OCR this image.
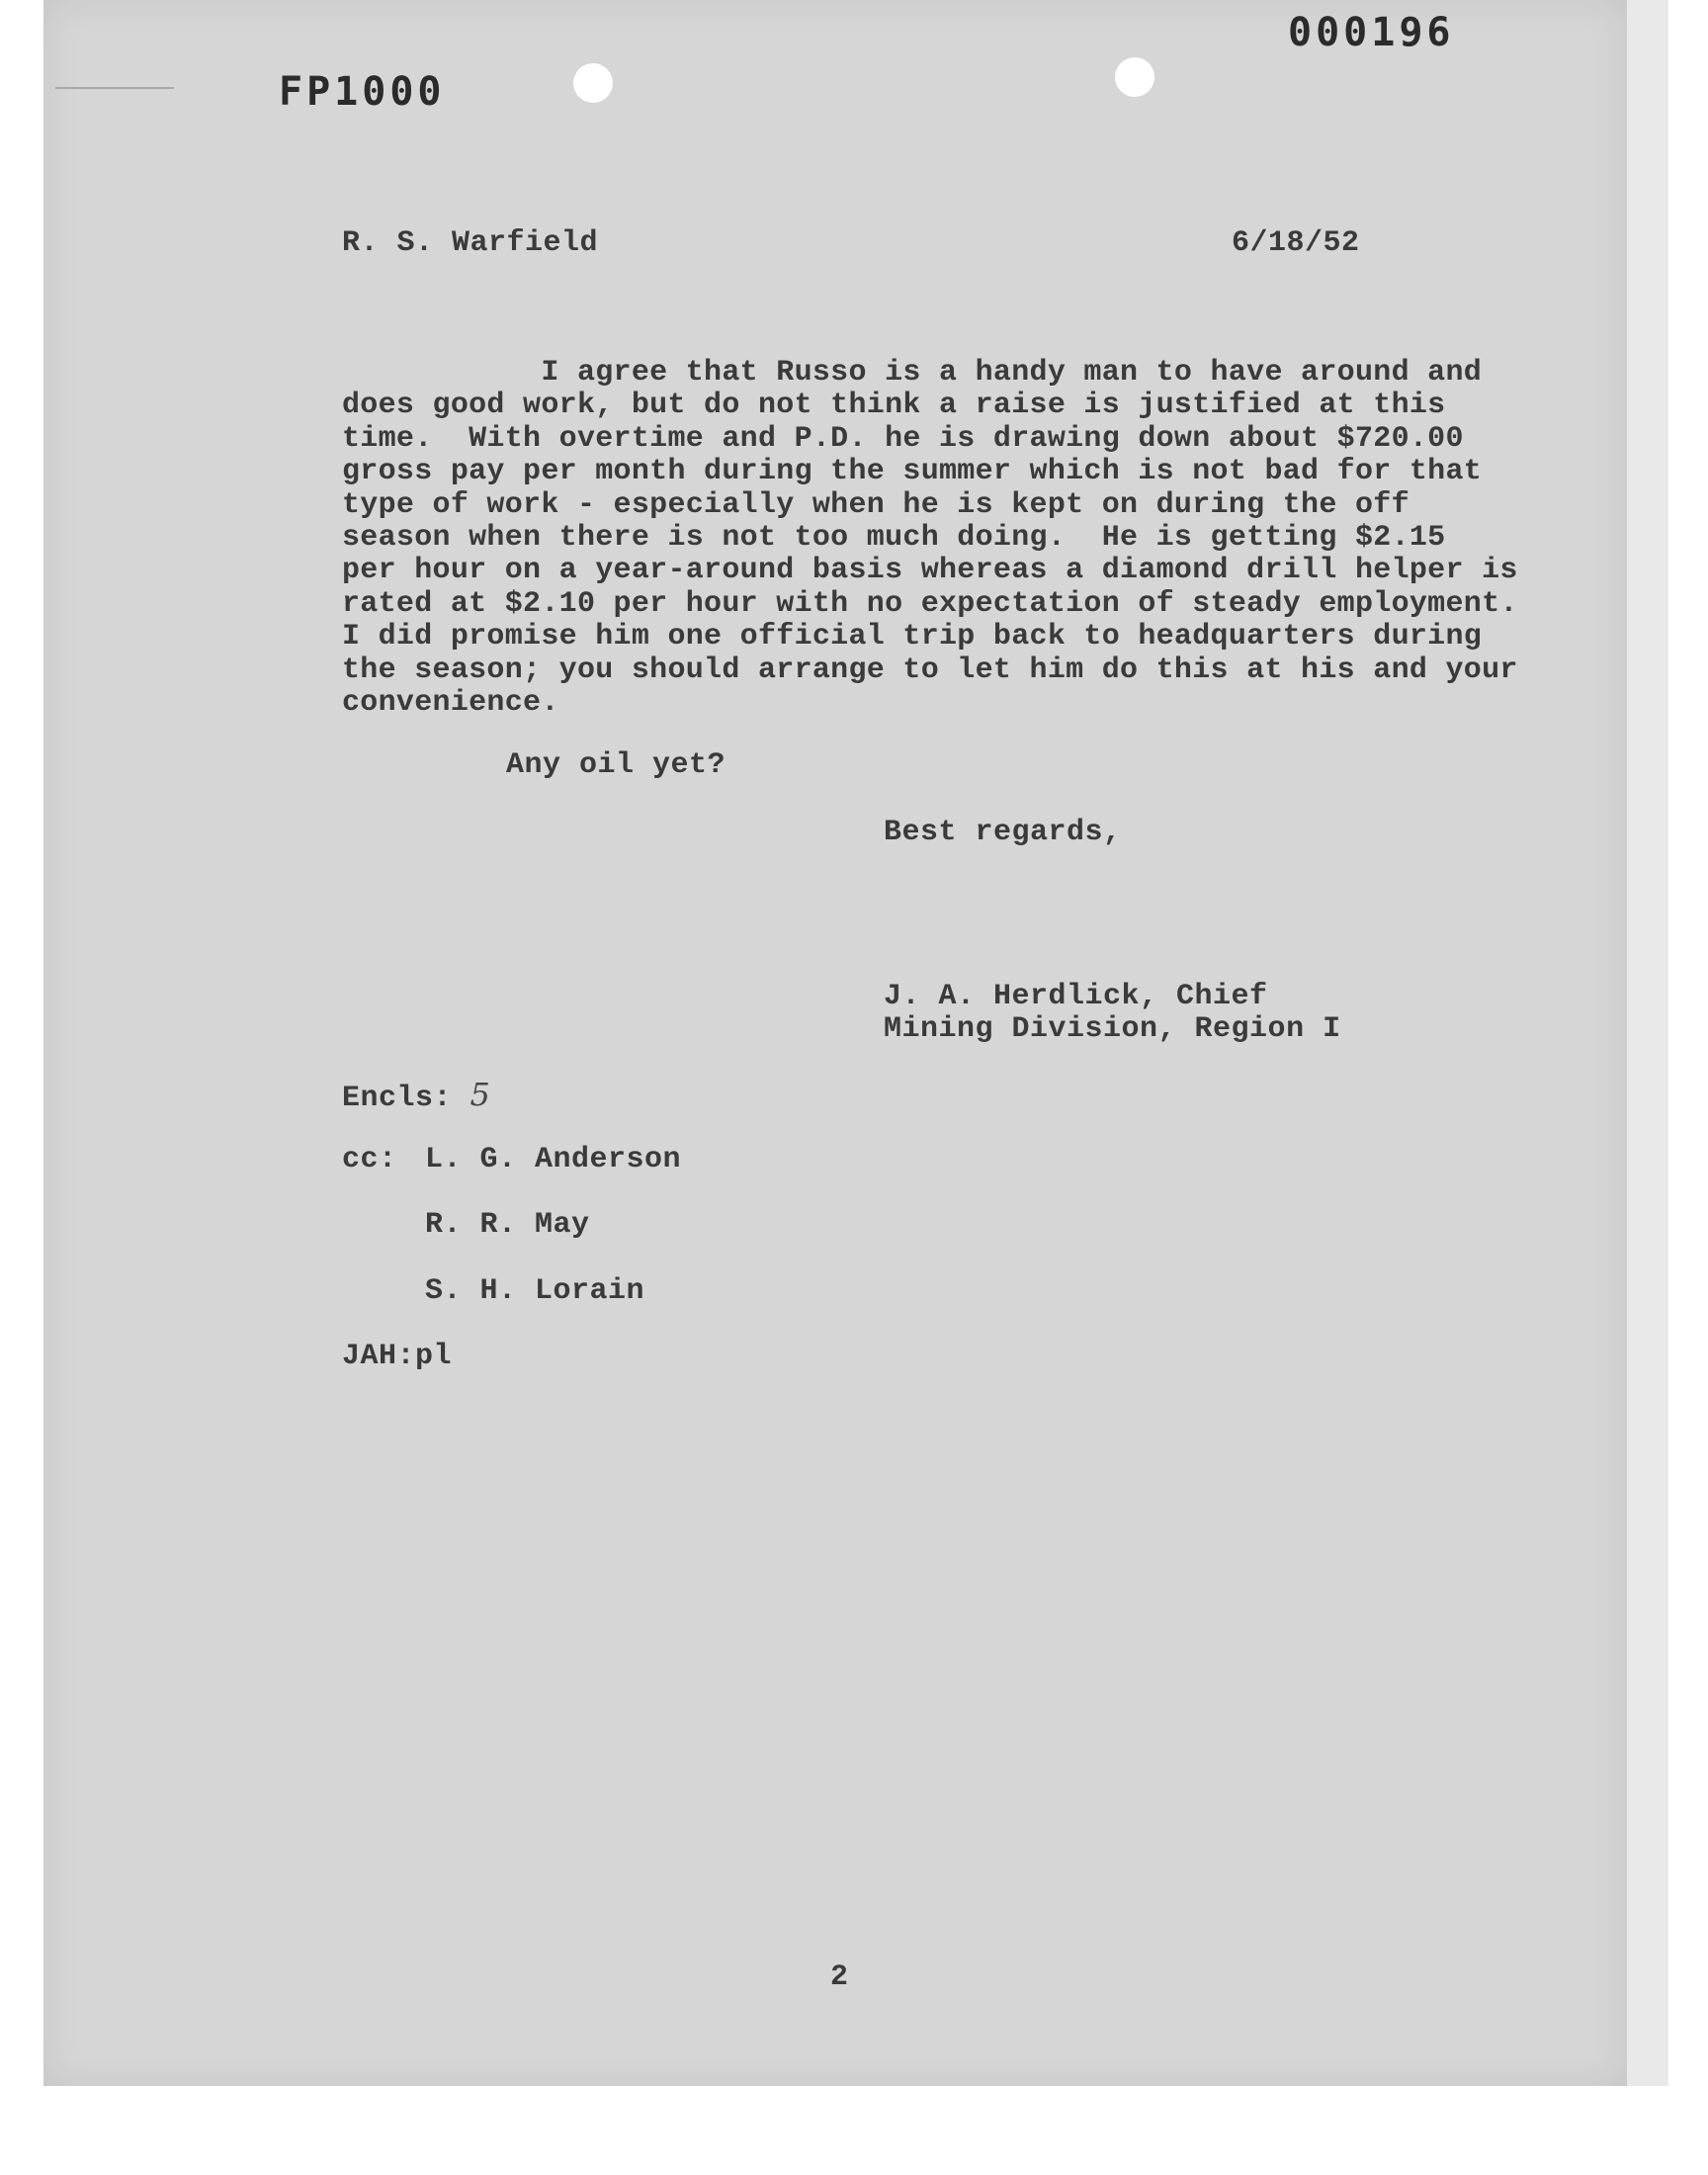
000196
FP1000
R. S. Warfield	6/18/52
I agree that Russo is a handy man to have around and
does good work, but do not think a raise is justified at this
time.  With overtime and P.D. he is drawing down about $720.00
gross pay per month during the summer which is not bad for that
type of work - especially when he is kept on during the off
season when there is not too much doing.  He is getting $2.15
per hour on a year-around basis whereas a diamond drill helper is
rated at $2.10 per hour with no expectation of steady employment.
I did promise him one official trip back to headquarters during
the season; you should arrange to let him do this at his and your
convenience.
Any oil yet?
Best regards,
J. A. Herdlick, Chief
Mining Division, Region I
Encls: 5
cc: L. G. Anderson
R. R. May
S. H. Lorain
JAH:pl
2
